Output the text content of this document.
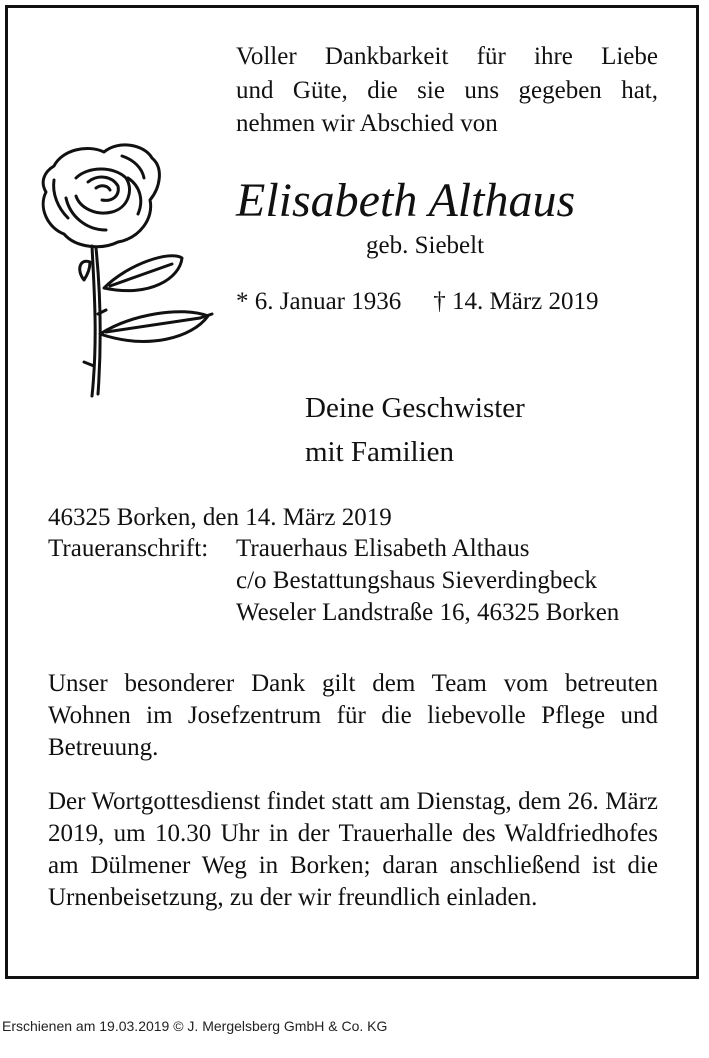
Voller Dankbarkeit für ihre Liebe
und Güte, die sie uns gegeben hat,
nehmen wir Abschied von
Elisabeth Althaus
geb. Siebelt
* 6. Januar 1936 † 14. März 2019
Deine Geschwister
mit Familien
46325 Borken, den 14. März 2019
Traueranschrift: Trauerhaus Elisabeth Althaus
c/o Bestattungshaus Sieverdingbeck
Weseler Landstraße 16, 46325 Borken
Unser besonderer Dank gilt dem Team vom betreuten Wohnen im Josefzentrum für die liebevolle Pflege und Betreuung.
Der Wortgottesdienst findet statt am Dienstag, dem 26. März 2019, um 10.30 Uhr in der Trauerhalle des Waldfriedhofes am Dülmener Weg in Borken; daran anschließend ist die Urnenbeisetzung, zu der wir freundlich einladen.
Erschienen am 19.03.2019 © J. Mergelsberg GmbH & Co. KG
